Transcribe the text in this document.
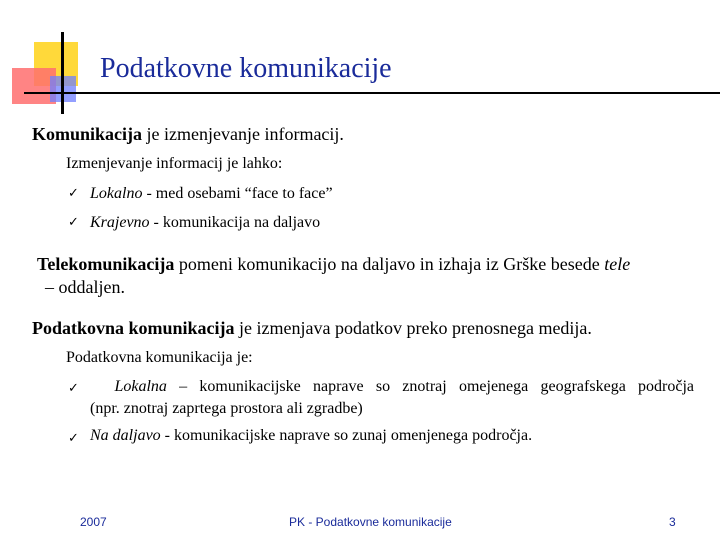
Podatkovne komunikacije
Komunikacija je izmenjevanje informacij.
Izmenjevanje informacij je lahko:
✓ Lokalno - med osebami “face to face”
✓ Krajevno - komunikacija na daljavo
Telekomunikacija pomeni komunikacijo na daljavo in izhaja iz Grške besede tele
– oddaljen.
Podatkovna komunikacija je izmenjava podatkov preko prenosnega medija.
Podatkovna komunikacija je:
✓	Lokalna – komunikacijske naprave so znotraj omejenega geografskega področja
(npr. znotraj zaprtega prostora ali zgradbe)
✓ Na daljavo - komunikacijske naprave so zunaj omenjenega področja.
2007	PK - Podatkovne komunikacije	3
